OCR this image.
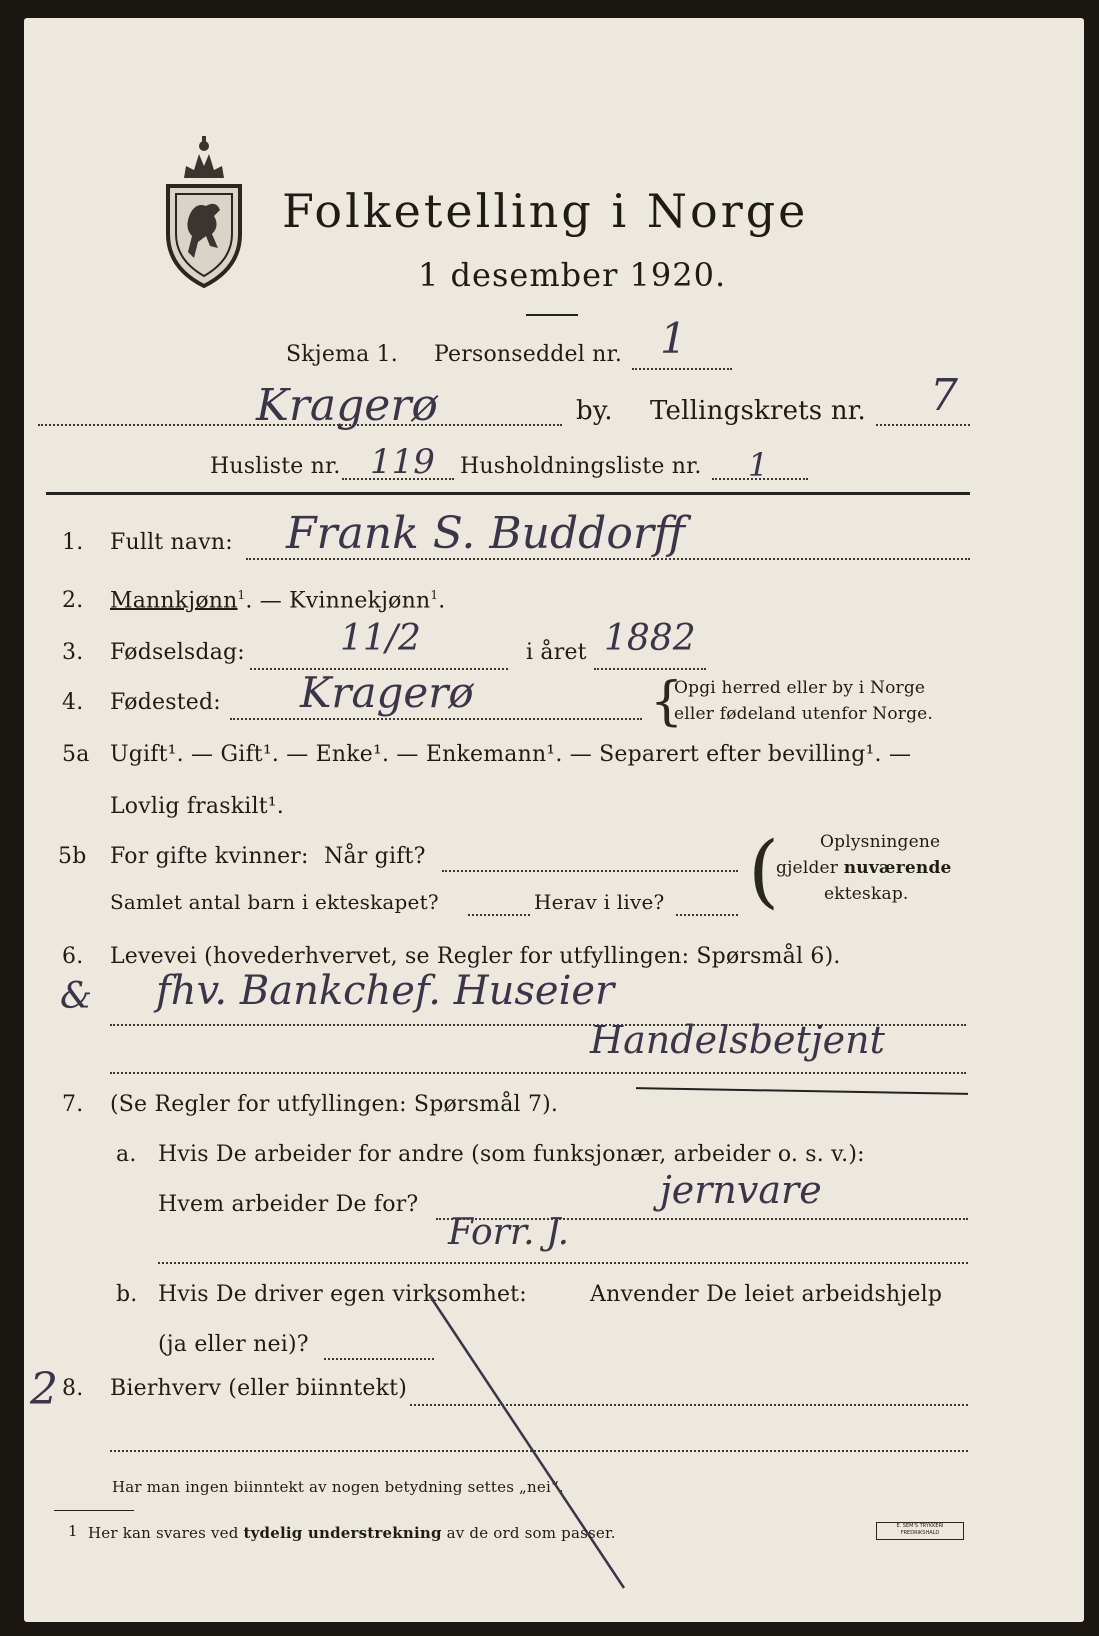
Folketelling i Norge
1 desember 1920.
Skjema 1. Personseddel nr. 1
Kragerø	by. Tellingskrets nr. 7
Husliste nr. 119 Husholdningsliste nr. 1
1. Fullt navn: Frank S. Buddorff
2. Mannkjønn$^1$. — Kvinnekjønn$^1$.
3. Fødselsdag:	11/2	i året 1882
4. Fødested: Kragerø	{
Opgi herred eller by i Norge
eller fødeland utenfor Norge.
5a Ugift¹. — Gift¹. — Enke¹. — Enkemann¹. — Separert efter bevilling¹. —
Lovlig fraskilt¹.
5b For gifte kvinner: Når gift?
Samlet antal barn i ekteskapet?	Herav i live? ( Oplysningene
gjelder nuværende
ekteskap.
6. Levevei (hovederhvervet, se Regler for utfyllingen: Spørsmål 6).
& fhv. Bankchef. Huseier
Handelsbetjent
7. (Se Regler for utfyllingen: Spørsmål 7).
a. Hvis De arbeider for andre (som funksjonær, arbeider o. s. v.):
Hvem arbeider De for?	jernvare
Forr. J.
b. Hvis De driver egen virksomhet:	Anvender De leiet arbeidshjelp
(ja eller nei)?
2 8. Bierhverv (eller biinntekt)
Har man ingen biinntekt av nogen betydning settes „nei“.
1 Her kan svares ved tydelig understrekning av de ord som passer.	E. SEM'S TRYKKERI FREDRIKSHALD
